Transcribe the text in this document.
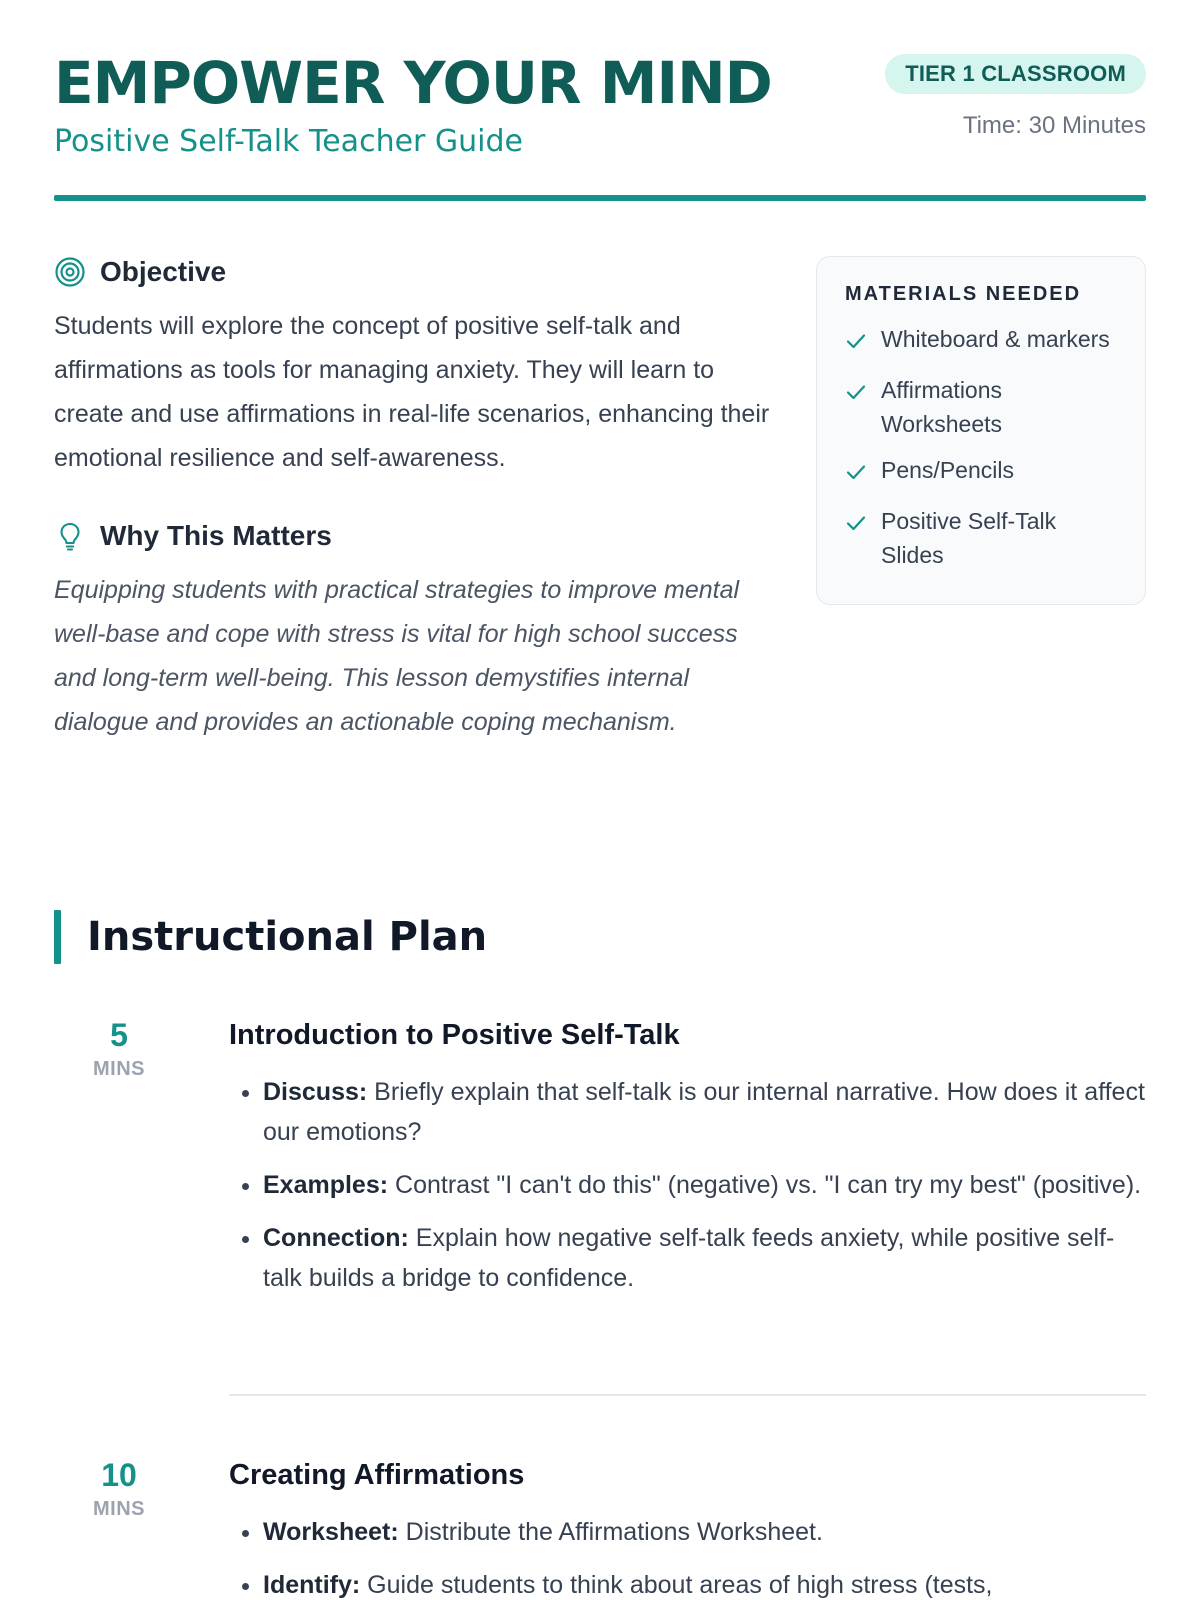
EMPOWER YOUR MIND
Positive Self-Talk Teacher Guide
TIER 1 CLASSROOM
Time: 30 Minutes
Objective

Students will explore the concept of positive self-talk and affirmations as tools for managing anxiety. They will learn to create and use affirmations in real-life scenarios, enhancing their emotional resilience and self-awareness.

Why This Matters

Equipping students with practical strategies to improve mental well-base and cope with stress is vital for high school success and long-term well-being. This lesson demystifies internal dialogue and provides an actionable coping mechanism.

MATERIALS NEEDED
Whiteboard & markers
Affirmations Worksheets
Pens/Pencils
Positive Self-Talk Slides
Instructional Plan
5
MINS
Introduction to Positive Self-Talk
• Discuss: Briefly explain that self-talk is our internal narrative. How does it affect our emotions?
• Examples: Contrast "I can't do this" (negative) vs. "I can try my best" (positive).
• Connection: Explain how negative self-talk feeds anxiety, while positive self-talk builds a bridge to confidence.
10
MINS
Creating Affirmations
• Worksheet: Distribute the Affirmations Worksheet.
• Identify: Guide students to think about areas of high stress (tests,
